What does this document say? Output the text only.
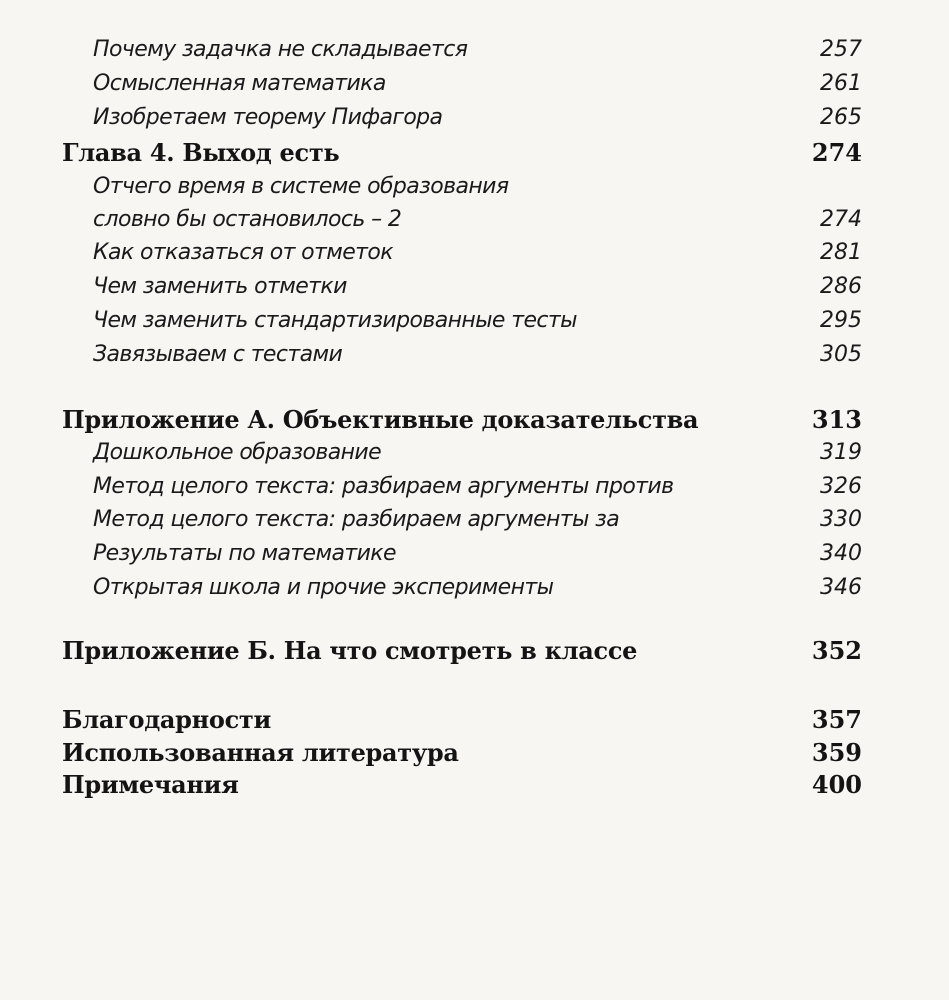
Почему задачка не складывается	257
Осмысленная математика	261
Изобретаем теорему Пифагора	265
Глава 4. Выход есть	274
Отчего время в системе образования
словно бы остановилось – 2	274
Как отказаться от отметок	281
Чем заменить отметки	286
Чем заменить стандартизированные тесты	295
Завязываем с тестами	305
Приложение А. Объективные доказательства	313
Дошкольное образование	319
Метод целого текста: разбираем аргументы против	326
Метод целого текста: разбираем аргументы за	330
Результаты по математике	340
Открытая школа и прочие эксперименты	346
Приложение Б. На что смотреть в классе	352
Благодарности	357
Использованная литература	359
Примечания	400
